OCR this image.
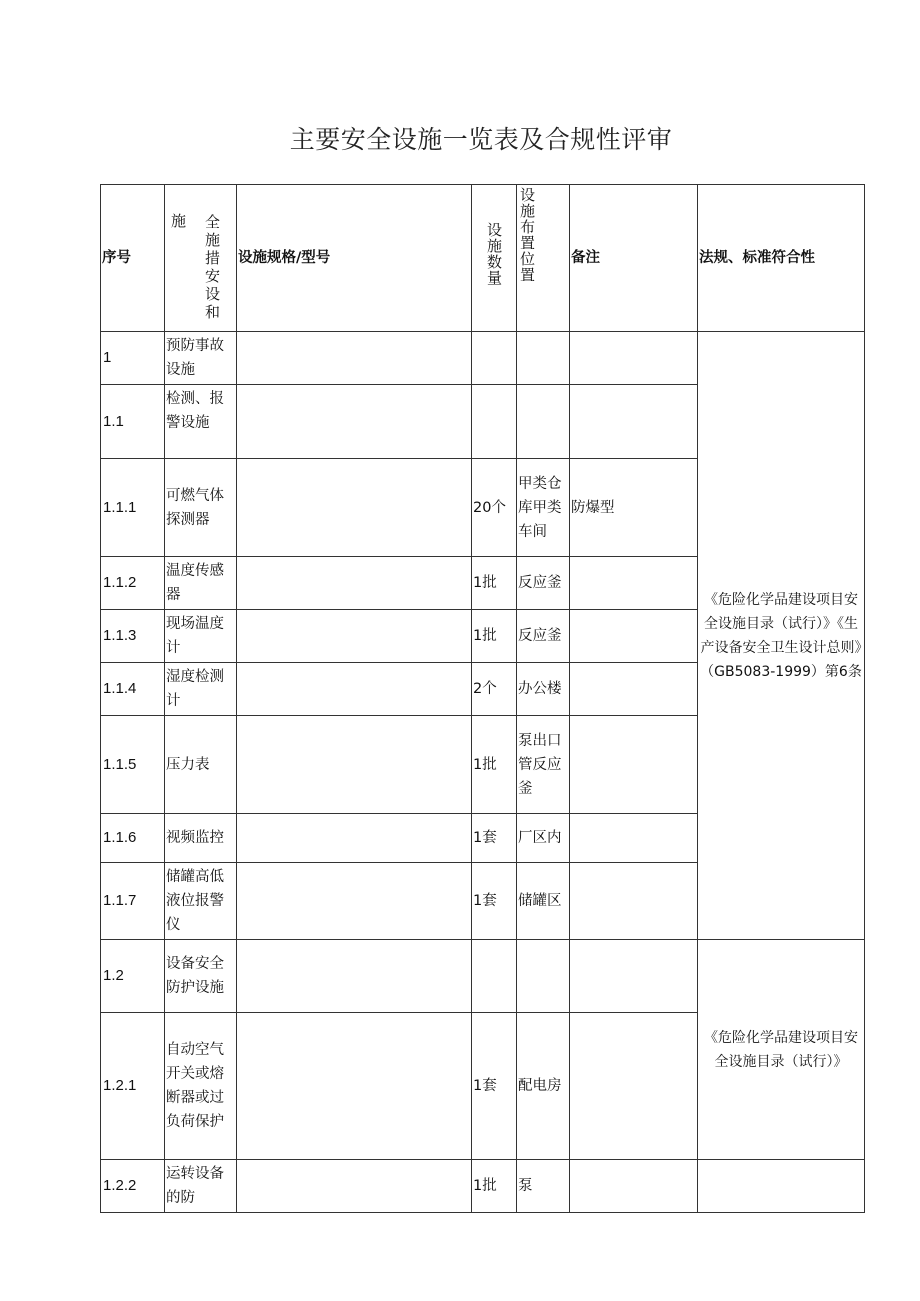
主要安全设施一览表及合规性评审
序号	施 全施措安设和	设施规格/型号	设施数量	设施布置位置	备注	法规、标准符合性
1	预防事故设施					《危险化学品建设项目安全设施目录（试行）》《生产设备安全卫生设计总则》（GB5083-1999）第6条
1.1	检测、报警设施					
1.1.1	可燃气体探测器		20个	甲类仓库甲类车间	防爆型	
1.1.2	温度传感器		1批	反应釜		
1.1.3	现场温度计		1批	反应釜		
1.1.4	湿度检测计		2个	办公楼		
1.1.5	压力表		1批	泵出口管反应釜		
1.1.6	视频监控		1套	厂区内		
1.1.7	储罐高低液位报警仪		1套	储罐区		
1.2	设备安全防护设施					《危险化学品建设项目安全设施目录（试行）》
1.2.1	自动空气开关或熔断器或过负荷保护		1套	配电房		
1.2.2	运转设备的防		1批	泵		
